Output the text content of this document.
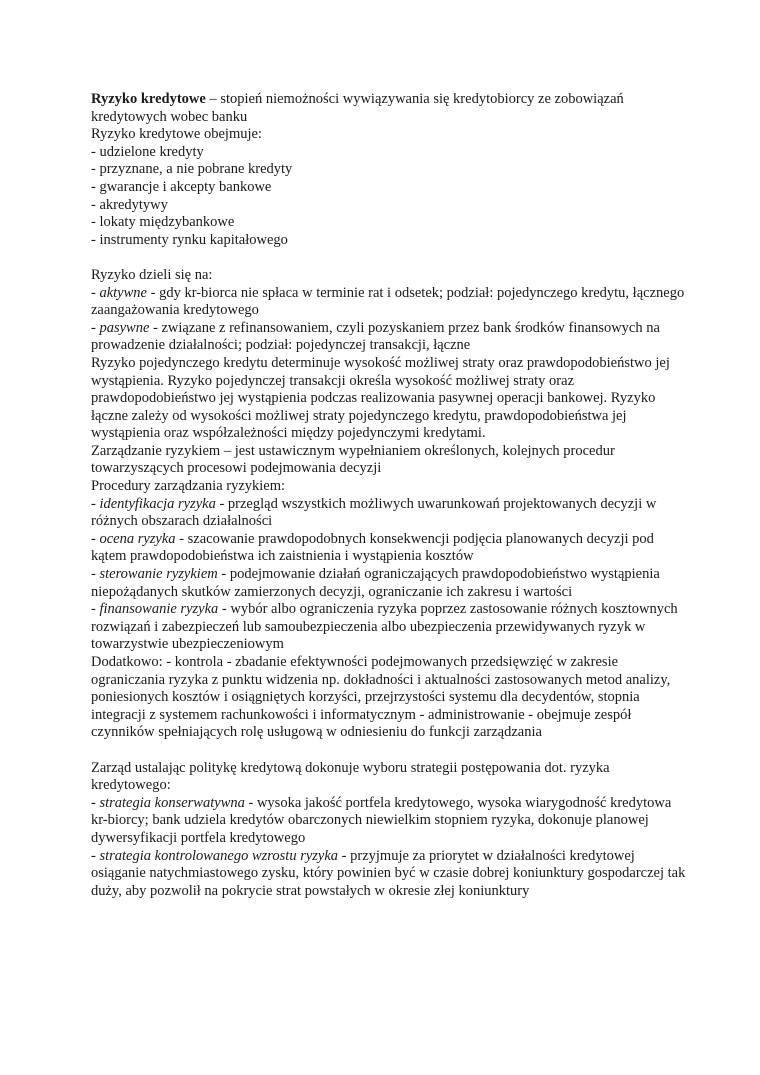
Ryzyko kredytowe – stopień niemożności wywiązywania się kredytobiorcy ze zobowiązań kredytowych wobec banku

Ryzyko kredytowe obejmuje:

- udzielone kredyty

- przyznane, a nie pobrane kredyty

- gwarancje i akcepty bankowe

- akredytywy

- lokaty międzybankowe

- instrumenty rynku kapitałowego

Ryzyko dzieli się na:

- aktywne - gdy kr-biorca nie spłaca w terminie rat i odsetek; podział: pojedynczego kredytu, łącznego zaangażowania kredytowego

- pasywne - związane z refinansowaniem, czyli pozyskaniem przez bank środków finansowych na prowadzenie działalności; podział: pojedynczej transakcji, łączne

Ryzyko pojedynczego kredytu determinuje wysokość możliwej straty oraz prawdopodobieństwo jej wystąpienia. Ryzyko pojedynczej transakcji określa wysokość możliwej straty oraz prawdopodobieństwo jej wystąpienia podczas realizowania pasywnej operacji bankowej. Ryzyko łączne zależy od wysokości możliwej straty pojedynczego kredytu, prawdopodobieństwa jej wystąpienia oraz współzależności między pojedynczymi kredytami.

Zarządzanie ryzykiem – jest ustawicznym wypełnianiem określonych, kolejnych procedur towarzyszących procesowi podejmowania decyzji

Procedury zarządzania ryzykiem:

- identyfikacja ryzyka - przegląd wszystkich możliwych uwarunkowań projektowanych decyzji w różnych obszarach działalności

- ocena ryzyka - szacowanie prawdopodobnych konsekwencji podjęcia planowanych decyzji pod kątem prawdopodobieństwa ich zaistnienia i wystąpienia kosztów

- sterowanie ryzykiem - podejmowanie działań ograniczających prawdopodobieństwo wystąpienia niepożądanych skutków zamierzonych decyzji, ograniczanie ich zakresu i wartości

- finansowanie ryzyka - wybór albo ograniczenia ryzyka poprzez zastosowanie różnych kosztownych rozwiązań i zabezpieczeń lub samoubezpieczenia albo ubezpieczenia przewidywanych ryzyk w towarzystwie ubezpieczeniowym

Dodatkowo: - kontrola - zbadanie efektywności podejmowanych przedsięwzięć w zakresie ograniczania ryzyka z punktu widzenia np. dokładności i aktualności zastosowanych metod analizy, poniesionych kosztów i osiągniętych korzyści, przejrzystości systemu dla decydentów, stopnia integracji z systemem rachunkowości i informatycznym - administrowanie - obejmuje zespół czynników spełniających rolę usługową w odniesieniu do funkcji zarządzania

Zarząd ustalając politykę kredytową dokonuje wyboru strategii postępowania dot. ryzyka kredytowego:

- strategia konserwatywna - wysoka jakość portfela kredytowego, wysoka wiarygodność kredytowa kr-biorcy; bank udziela kredytów obarczonych niewielkim stopniem ryzyka, dokonuje planowej dywersyfikacji portfela kredytowego

- strategia kontrolowanego wzrostu ryzyka - przyjmuje za priorytet w działalności kredytowej osiąganie natychmiastowego zysku, który powinien być w czasie dobrej koniunktury gospodarczej tak duży, aby pozwolił na pokrycie strat powstałych w okresie złej koniunktury
